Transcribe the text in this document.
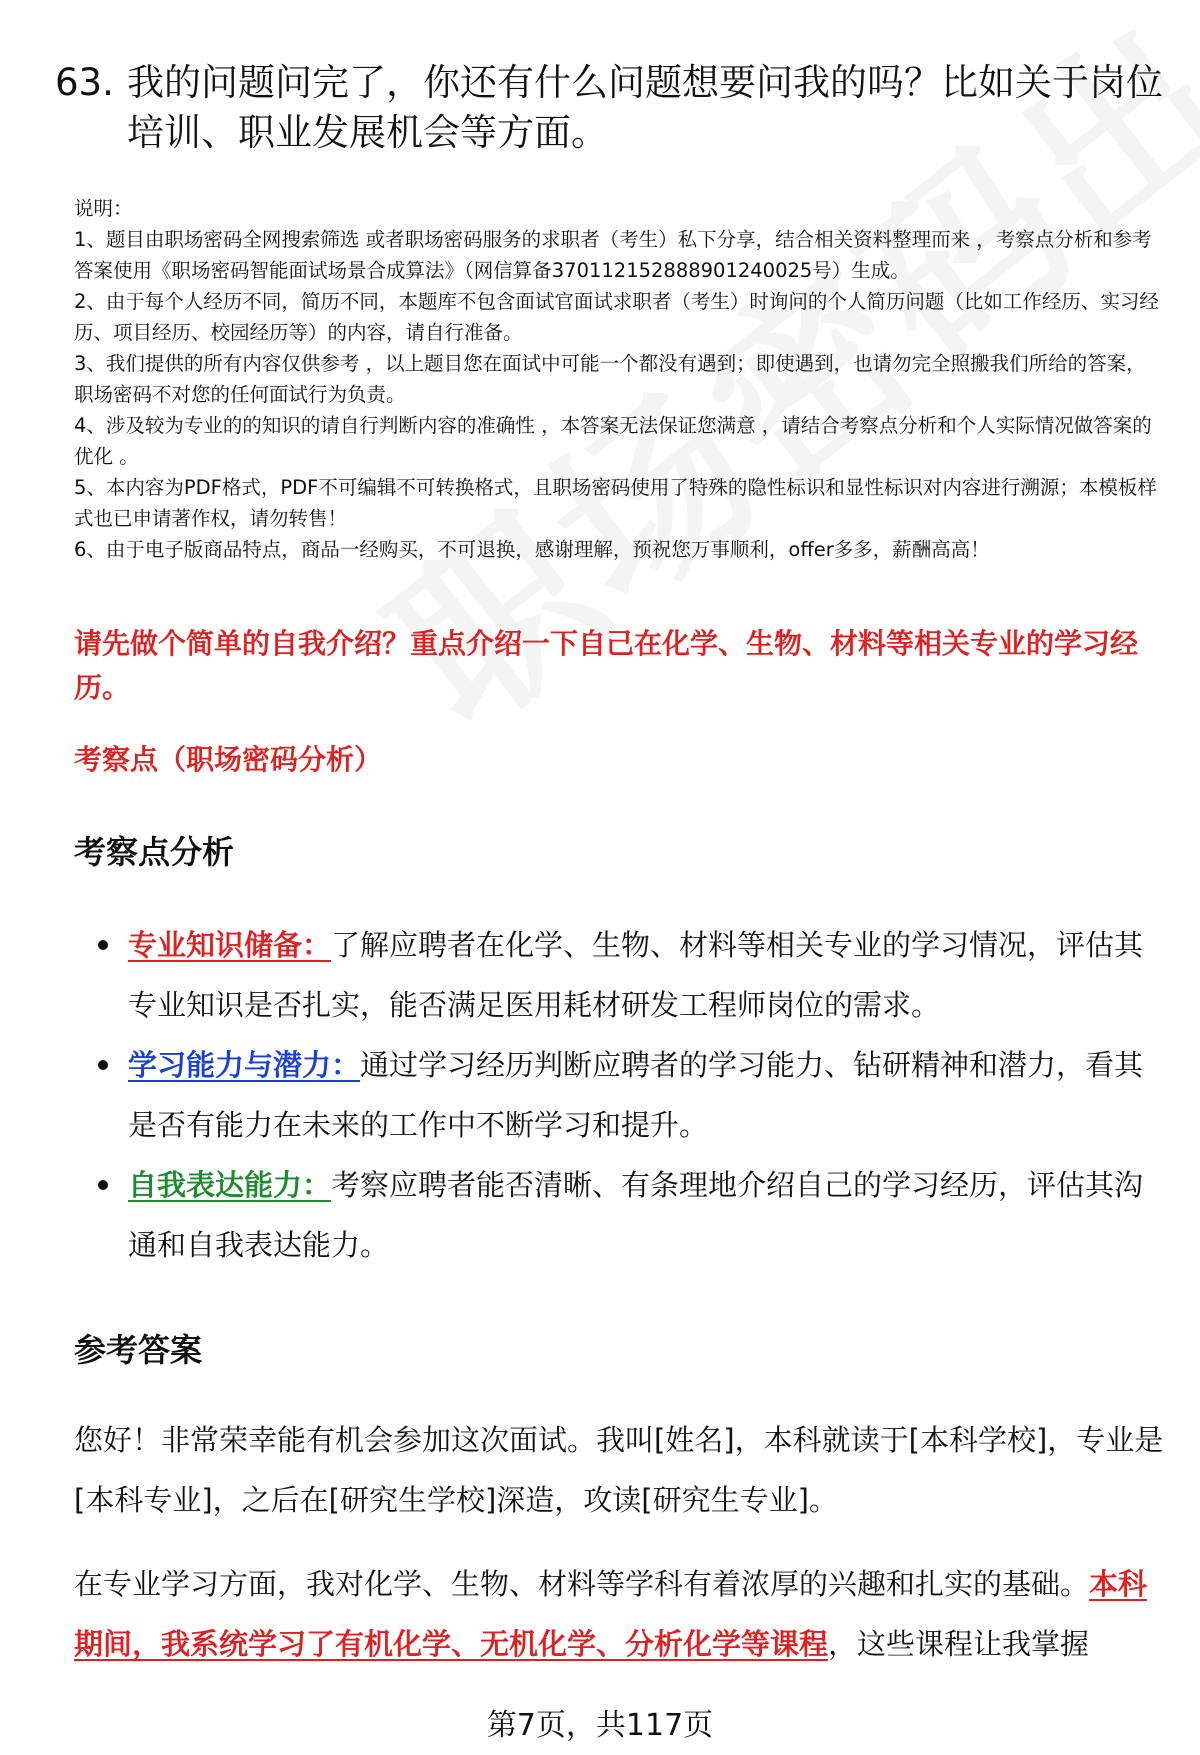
63. 我的问题问完了，你还有什么问题想要问我的吗？比如关于岗位
培训、职业发展机会等方面。

说明：

1、题目由职场密码全网搜索筛选 或者职场密码服务的求职者（考生）私下分享，结合相关资料整理而来 ，考察点分析和参考答案使用《职场密码智能面试场景合成算法》（网信算备370112152888901240025号）生成。

2、由于每个人经历不同，简历不同，本题库不包含面试官面试求职者（考生）时询问的个人简历问题（比如工作经历、实习经历、项目经历、校园经历等）的内容，请自行准备。

3、我们提供的所有内容仅供参考 ，以上题目您在面试中可能一个都没有遇到；即使遇到，也请勿完全照搬我们所给的答案，职场密码不对您的任何面试行为负责。

4、涉及较为专业的的知识的请自行判断内容的准确性 ，本答案无法保证您满意 ，请结合考察点分析和个人实际情况做答案的优化 。

5、本内容为PDF格式，PDF不可编辑不可转换格式，且职场密码使用了特殊的隐性标识和显性标识对内容进行溯源；本模板样式也已申请著作权，请勿转售！

6、由于电子版商品特点，商品一经购买，不可退换，感谢理解，预祝您万事顺利，offer多多，薪酬高高！

请先做个简单的自我介绍？重点介绍一下自己在化学、生物、材料等相关专业的学习经历。
考察点（职场密码分析）
考察点分析
专业知识储备：了解应聘者在化学、生物、材料等相关专业的学习情况，评估其专业知识是否扎实，能否满足医用耗材研发工程师岗位的需求。
学习能力与潜力：通过学习经历判断应聘者的学习能力、钻研精神和潜力，看其是否有能力在未来的工作中不断学习和提升。
自我表达能力：考察应聘者能否清晰、有条理地介绍自己的学习经历，评估其沟通和自我表达能力。
参考答案

您好！非常荣幸能有机会参加这次面试。我叫[姓名]，本科就读于[本科学校]，专业是[本科专业]，之后在[研究生学校]深造，攻读[研究生专业]。

在专业学习方面，我对化学、生物、材料等学科有着浓厚的兴趣和扎实的基础。本科期间，我系统学习了有机化学、无机化学、分析化学等课程，这些课程让我掌握

第7页，共117页
